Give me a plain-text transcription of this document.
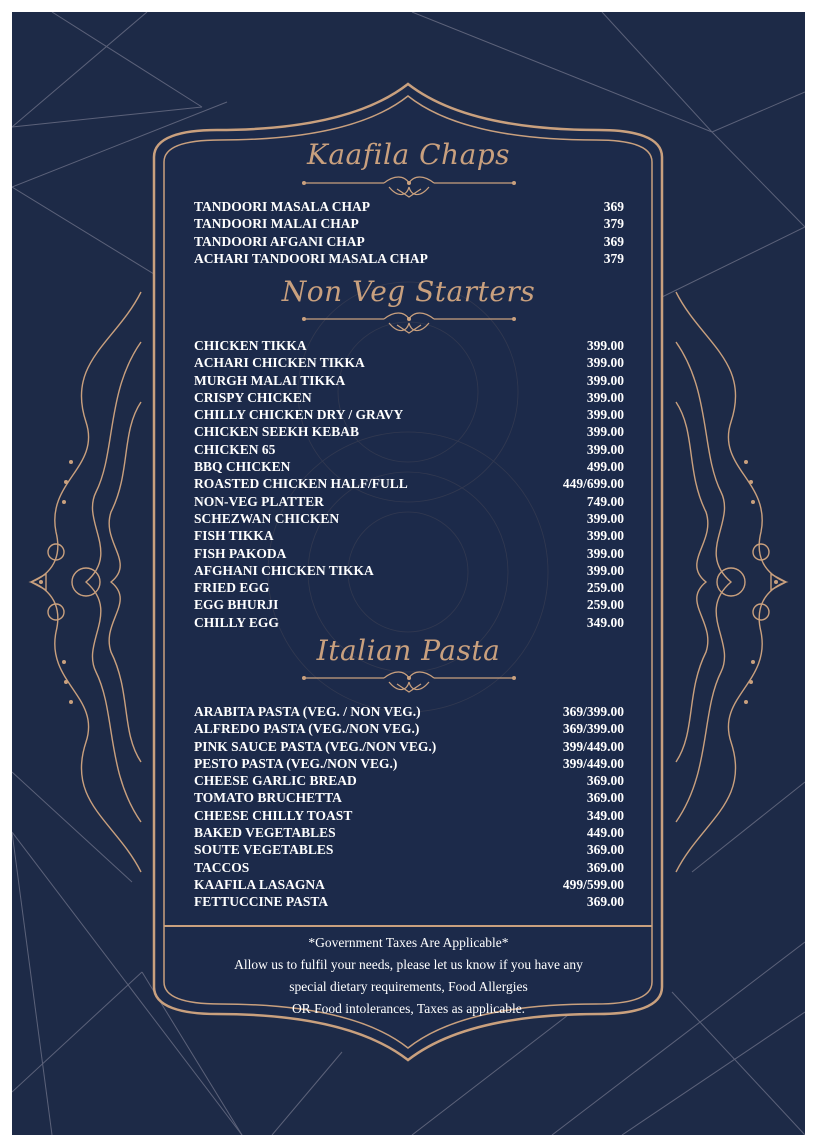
Kaafila Chaps
TANDOORI MASALA CHAP	369
TANDOORI MALAI CHAP	379
TANDOORI AFGANI CHAP	369
ACHARI TANDOORI MASALA CHAP	379
Non Veg Starters
CHICKEN TIKKA	399.00
ACHARI CHICKEN TIKKA	399.00
MURGH MALAI TIKKA	399.00
CRISPY CHICKEN	399.00
CHILLY CHICKEN DRY / GRAVY	399.00
CHICKEN SEEKH KEBAB	399.00
CHICKEN 65	399.00
BBQ CHICKEN	499.00
ROASTED CHICKEN HALF/FULL	449/699.00
NON-VEG PLATTER	749.00
SCHEZWAN CHICKEN	399.00
FISH TIKKA	399.00
FISH PAKODA	399.00
AFGHANI CHICKEN TIKKA	399.00
FRIED EGG	259.00
EGG BHURJI	259.00
CHILLY EGG	349.00
Italian Pasta
ARABITA PASTA (VEG. / NON VEG.)	369/399.00
ALFREDO PASTA (VEG./NON VEG.)	369/399.00
PINK SAUCE PASTA (VEG./NON VEG.)	399/449.00
PESTO PASTA (VEG./NON VEG.)	399/449.00
CHEESE GARLIC BREAD	369.00
TOMATO BRUCHETTA	369.00
CHEESE CHILLY TOAST	349.00
BAKED VEGETABLES	449.00
SOUTE VEGETABLES	369.00
TACCOS	369.00
KAAFILA LASAGNA	499/599.00
FETTUCCINE PASTA	369.00
*Government Taxes Are Applicable*
Allow us to fulfil your needs, please let us know if you have any
special dietary requirements, Food Allergies
OR Food intolerances, Taxes as applicable.
